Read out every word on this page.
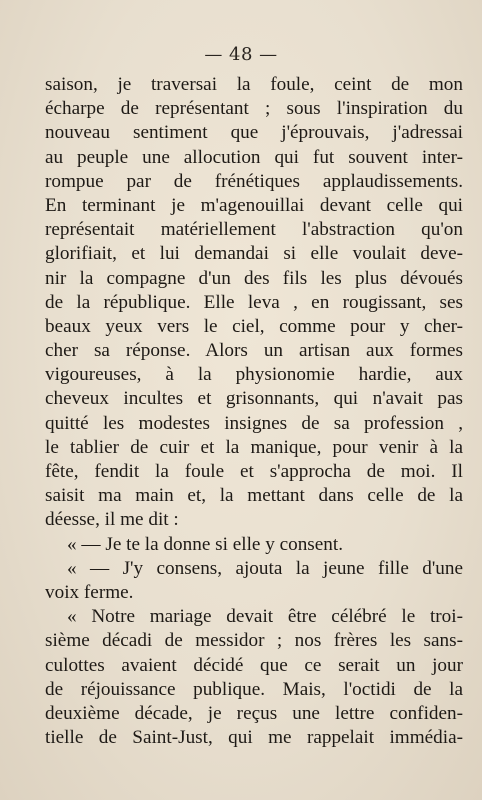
— 48 —
saison, je traversai la foule, ceint de mon
écharpe de représentant ; sous l'inspiration du
nouveau sentiment que j'éprouvais, j'adressai
au peuple une allocution qui fut souvent inter-
rompue par de frénétiques applaudissements.
En terminant je m'agenouillai devant celle qui
représentait matériellement l'abstraction qu'on
glorifiait, et lui demandai si elle voulait deve-
nir la compagne d'un des fils les plus dévoués
de la république. Elle leva , en rougissant, ses
beaux yeux vers le ciel, comme pour y cher-
cher sa réponse. Alors un artisan aux formes
vigoureuses, à la physionomie hardie, aux
cheveux incultes et grisonnants, qui n'avait pas
quitté les modestes insignes de sa profession ,
le tablier de cuir et la manique, pour venir à la
fête, fendit la foule et s'approcha de moi. Il
saisit ma main et, la mettant dans celle de la
déesse, il me dit :
« — Je te la donne si elle y consent.
« — J'y consens, ajouta la jeune fille d'une
voix ferme.
« Notre mariage devait être célébré le troi-
sième décadi de messidor ; nos frères les sans-
culottes avaient décidé que ce serait un jour
de réjouissance publique. Mais, l'octidi de la
deuxième décade, je reçus une lettre confiden-
tielle de Saint-Just, qui me rappelait immédia-
